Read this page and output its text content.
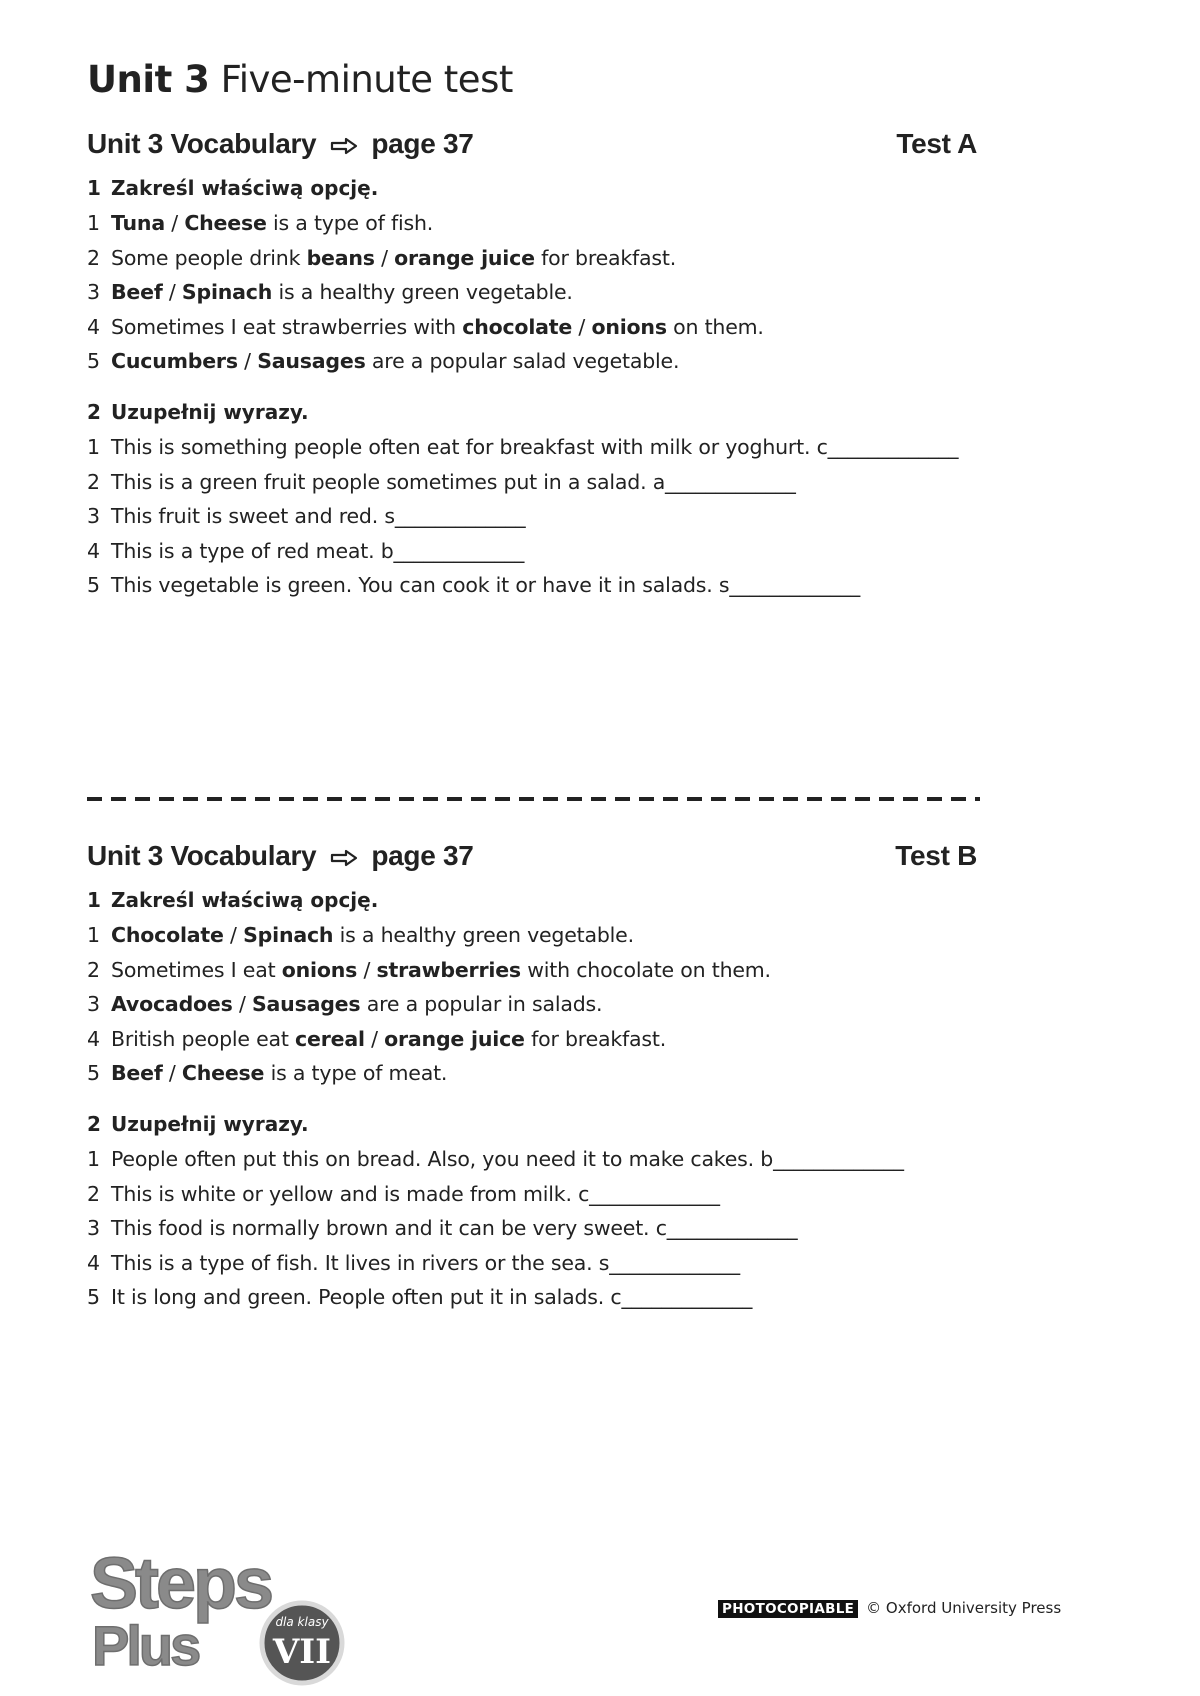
Unit 3 Five-minute test
Unit 3 Vocabulary page 37	Test A
1 Zakreśl właściwą opcję.
1 Tuna / Cheese is a type of fish.
2 Some people drink beans / orange juice for breakfast.
3 Beef / Spinach is a healthy green vegetable.
4 Sometimes I eat strawberries with chocolate / onions on them.
5 Cucumbers / Sausages are a popular salad vegetable.
2 Uzupełnij wyrazy.
1 This is something people often eat for breakfast with milk or yoghurt. c_____________
2 This is a green fruit people sometimes put in a salad. a_____________
3 This fruit is sweet and red. s_____________
4 This is a type of red meat. b_____________
5 This vegetable is green. You can cook it or have it in salads. s_____________
Unit 3 Vocabulary page 37	Test B
1 Zakreśl właściwą opcję.
1 Chocolate / Spinach is a healthy green vegetable.
2 Sometimes I eat onions / strawberries with chocolate on them.
3 Avocadoes / Sausages are a popular in salads.
4 British people eat cereal / orange juice for breakfast.
5 Beef / Cheese is a type of meat.
2 Uzupełnij wyrazy.
1 People often put this on bread. Also, you need it to make cakes. b_____________
2 This is white or yellow and is made from milk. c_____________
3 This food is normally brown and it can be very sweet. c_____________
4 This is a type of fish. It lives in rivers or the sea. s_____________
5 It is long and green. People often put it in salads. c_____________
Steps
Plus	dla klasy
VII
PHOTOCOPIABLE © Oxford University Press
